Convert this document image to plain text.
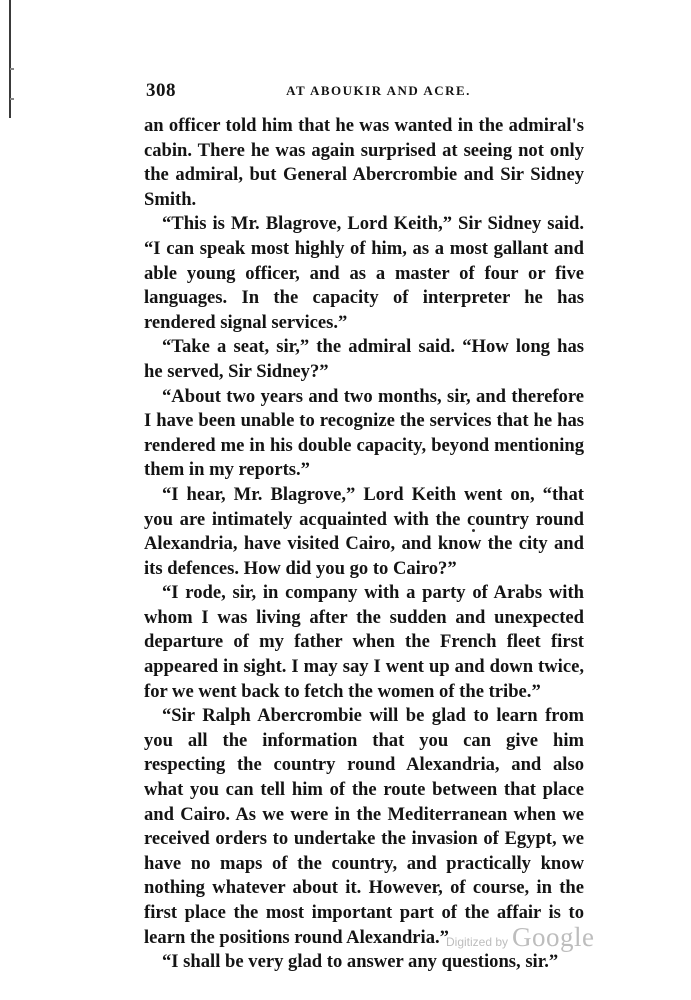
308	AT ABOUKIR AND ACRE.

an officer told him that he was wanted in the admiral's cabin. There he was again surprised at seeing not only the admiral, but General Abercrombie and Sir Sidney Smith.

“This is Mr. Blagrove, Lord Keith,” Sir Sidney said. “I can speak most highly of him, as a most gallant and able young officer, and as a master of four or five languages. In the capacity of interpreter he has rendered signal services.”

“Take a seat, sir,” the admiral said. “How long has he served, Sir Sidney?”

“About two years and two months, sir, and therefore I have been unable to recognize the services that he has rendered me in his double capacity, beyond mentioning them in my reports.”

“I hear, Mr. Blagrove,” Lord Keith went on, “that you are intimately acquainted with the country round Alexandria, have visited Cairo, and know the city and its defences. How did you go to Cairo?”

“I rode, sir, in company with a party of Arabs with whom I was living after the sudden and unexpected departure of my father when the French fleet first appeared in sight. I may say I went up and down twice, for we went back to fetch the women of the tribe.”

“Sir Ralph Abercrombie will be glad to learn from you all the information that you can give him respecting the country round Alexandria, and also what you can tell him of the route between that place and Cairo. As we were in the Mediterranean when we received orders to undertake the invasion of Egypt, we have no maps of the country, and practically know nothing whatever about it. However, of course, in the first place the most important part of the affair is to learn the positions round Alexandria.”

“I shall be very glad to answer any questions, sir.”

Digitized by Google
